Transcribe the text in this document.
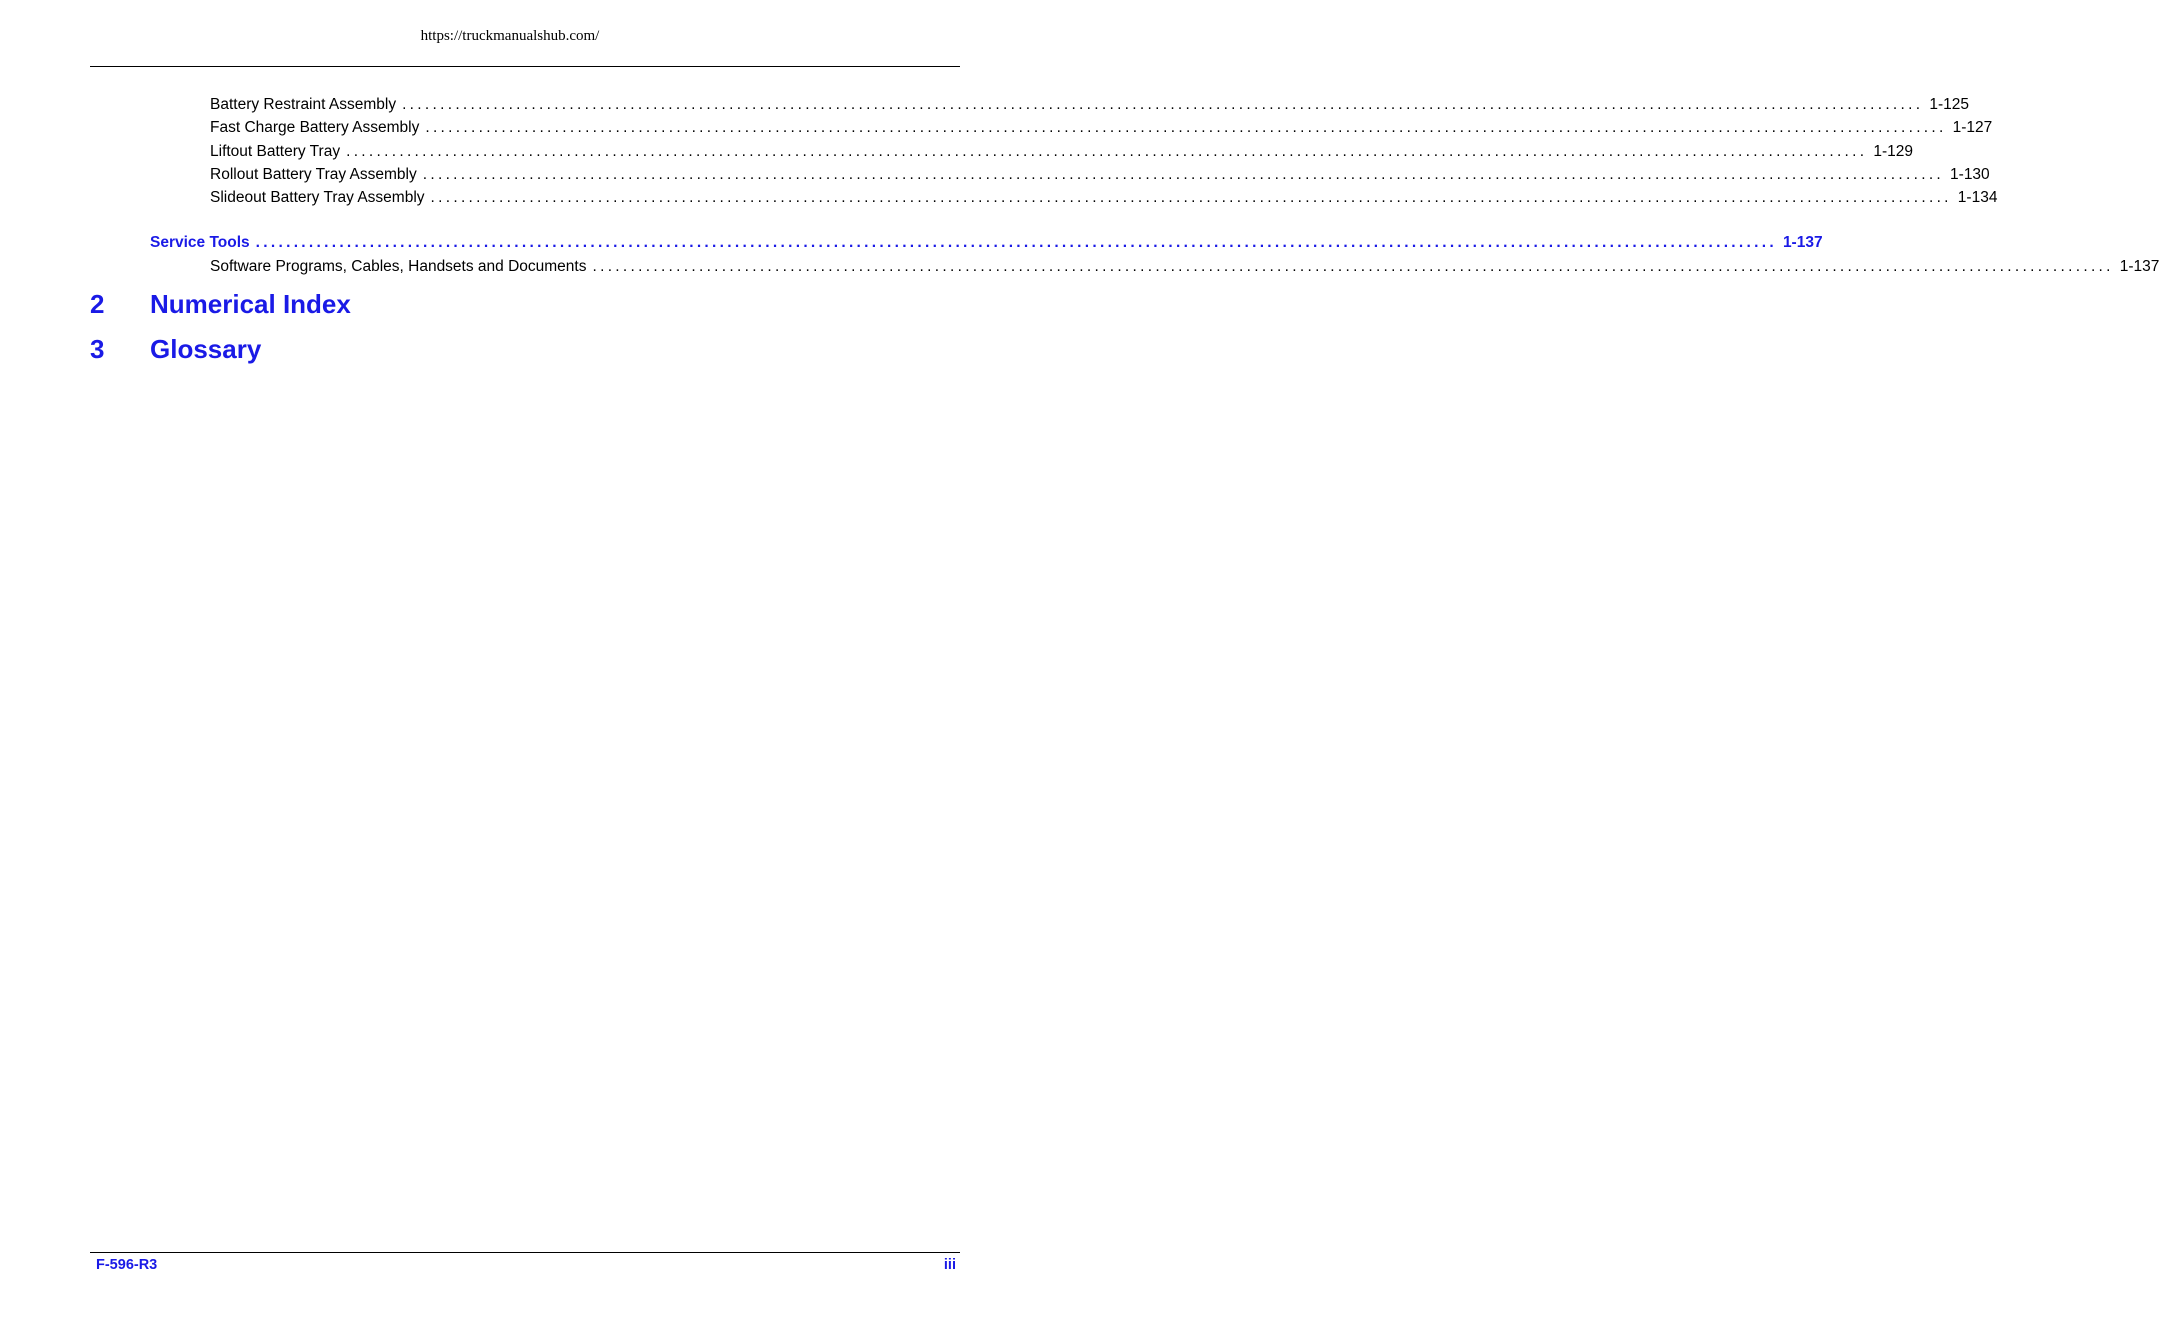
https://truckmanualshub.com/
Battery Restraint Assembly ........................................................................................................................................................................................................ 1-125
Fast Charge Battery Assembly ........................................................................................................................................................................................................ 1-127
Liftout Battery Tray ........................................................................................................................................................................................................ 1-129
Rollout Battery Tray Assembly ........................................................................................................................................................................................................ 1-130
Slideout Battery Tray Assembly ........................................................................................................................................................................................................ 1-134
Service Tools ........................................................................................................................................................................................................ 1-137
Software Programs, Cables, Handsets and Documents ........................................................................................................................................................................................................ 1-137
2	Numerical Index
3	Glossary
F-596-R3	iii
